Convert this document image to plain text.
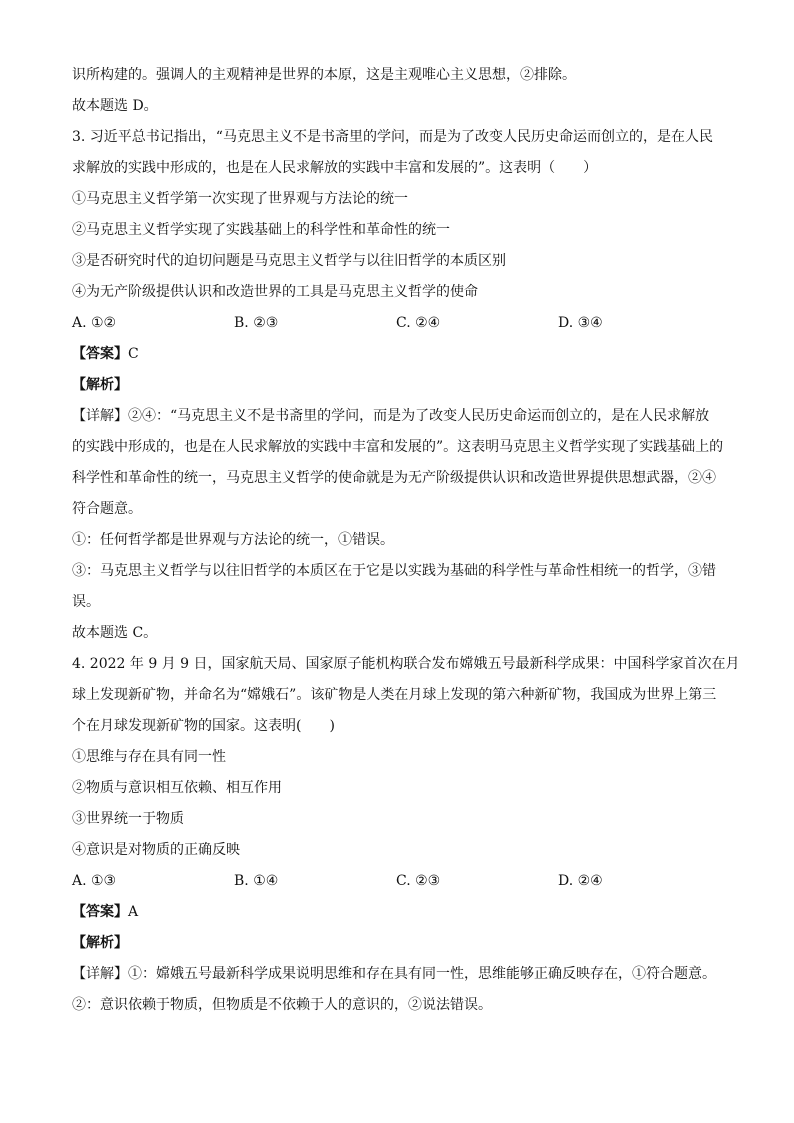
识所构建的。强调人的主观精神是世界的本原，这是主观唯心主义思想，②排除。
故本题选 D。
3. 习近平总书记指出，“马克思主义不是书斋里的学问，而是为了改变人民历史命运而创立的，是在人民
求解放的实践中形成的，也是在人民求解放的实践中丰富和发展的”。这表明（　　）
①马克思主义哲学第一次实现了世界观与方法论的统一
②马克思主义哲学实现了实践基础上的科学性和革命性的统一
③是否研究时代的迫切问题是马克思主义哲学与以往旧哲学的本质区别
④为无产阶级提供认识和改造世界的工具是马克思主义哲学的使命
A. ①②	B. ②③	C. ②④	D. ③④
【答案】C
【解析】
【详解】②④：“马克思主义不是书斋里的学问，而是为了改变人民历史命运而创立的，是在人民求解放
的实践中形成的，也是在人民求解放的实践中丰富和发展的”。这表明马克思主义哲学实现了实践基础上的
科学性和革命性的统一，马克思主义哲学的使命就是为无产阶级提供认识和改造世界提供思想武器，②④
符合题意。
①：任何哲学都是世界观与方法论的统一，①错误。
③：马克思主义哲学与以往旧哲学的本质区在于它是以实践为基础的科学性与革命性相统一的哲学，③错
误。
故本题选 C。
4. 2022 年 9 月 9 日，国家航天局、国家原子能机构联合发布嫦娥五号最新科学成果：中国科学家首次在月
球上发现新矿物，并命名为“嫦娥石”。该矿物是人类在月球上发现的第六种新矿物，我国成为世界上第三
个在月球发现新矿物的国家。这表明(　　)
①思维与存在具有同一性
②物质与意识相互依赖、相互作用
③世界统一于物质
④意识是对物质的正确反映
A. ①③	B. ①④	C. ②③	D. ②④
【答案】A
【解析】
【详解】①：嫦娥五号最新科学成果说明思维和存在具有同一性，思维能够正确反映存在，①符合题意。
②：意识依赖于物质，但物质是不依赖于人的意识的，②说法错误。
